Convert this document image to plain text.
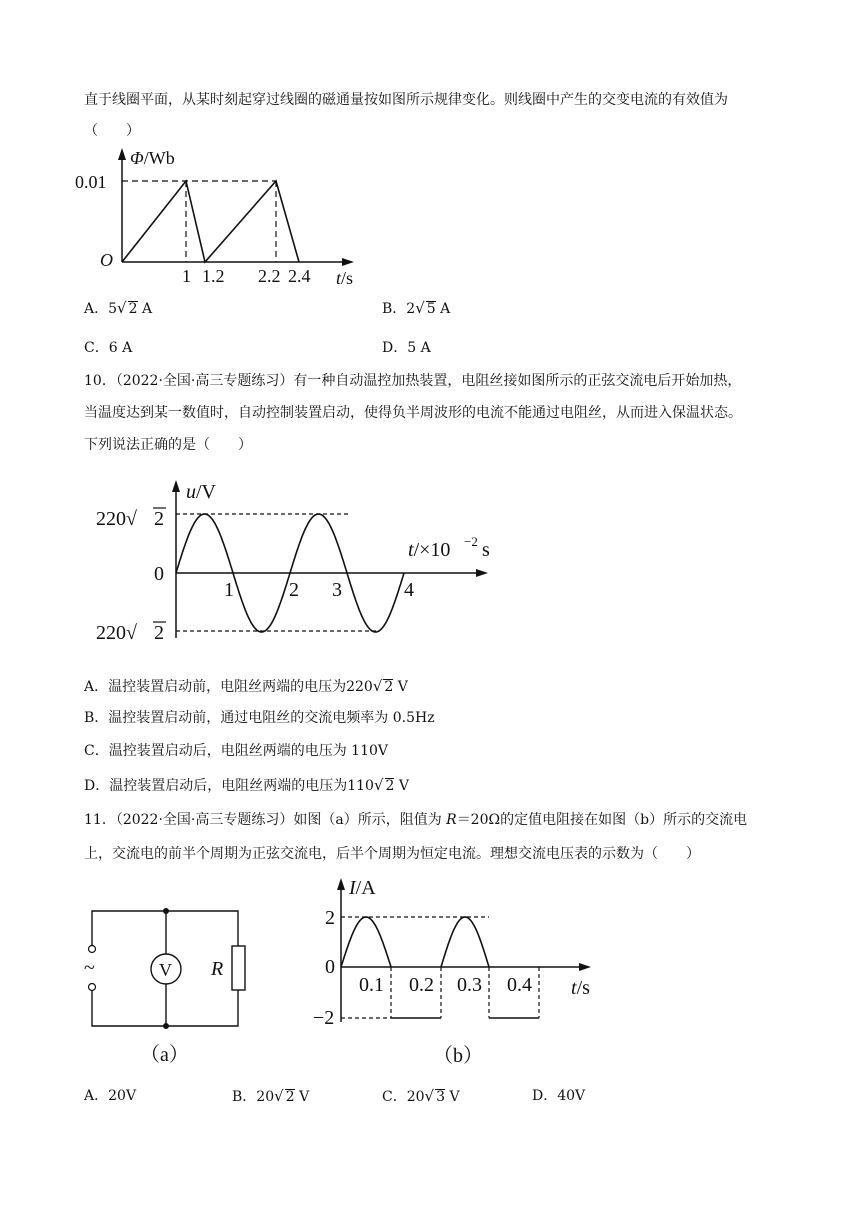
直于线圈平面，从某时刻起穿过线圈的磁通量按如图所示规律变化。则线圈中产生的交变电流的有效值为
（　　）
Φ/Wb
0.01
O
1 1.2 2.2 2.4 t/s
A．5√ 2 A	B．2√ 5 A
C．6 A	D．5 A
10．（2022·全国·高三专题练习）有一种自动温控加热装置，电阻丝接如图所示的正弦交流电后开始加热，
当温度达到某一数值时，自动控制装置启动，使得负半周波形的电流不能通过电阻丝，从而进入保温状态。
下列说法正确的是（　　）
u/V
220√ 2
220√ 2
0
1	2 3	4
t/×10 −2 s
A．温控装置启动前，电阻丝两端的电压为220√ 2 V
B．温控装置启动前，通过电阻丝的交流电频率为 0.5Hz
C．温控装置启动后，电阻丝两端的电压为 110V
D．温控装置启动后，电阻丝两端的电压为110√ 2 V
11．（2022·全国·高三专题练习）如图（a）所示，阻值为 R＝20Ω的定值电阻接在如图（b）所示的交流电
上，交流电的前半个周期为正弦交流电，后半个周期为恒定电流。理想交流电压表的示数为（　　）
~	V R
（a）
I/A
2
0
−2
0.1 0.2 0.3 0.4 t/s
（b）
A．20V	B．20√ 2 V	C．20√ 3 V	D．40V
